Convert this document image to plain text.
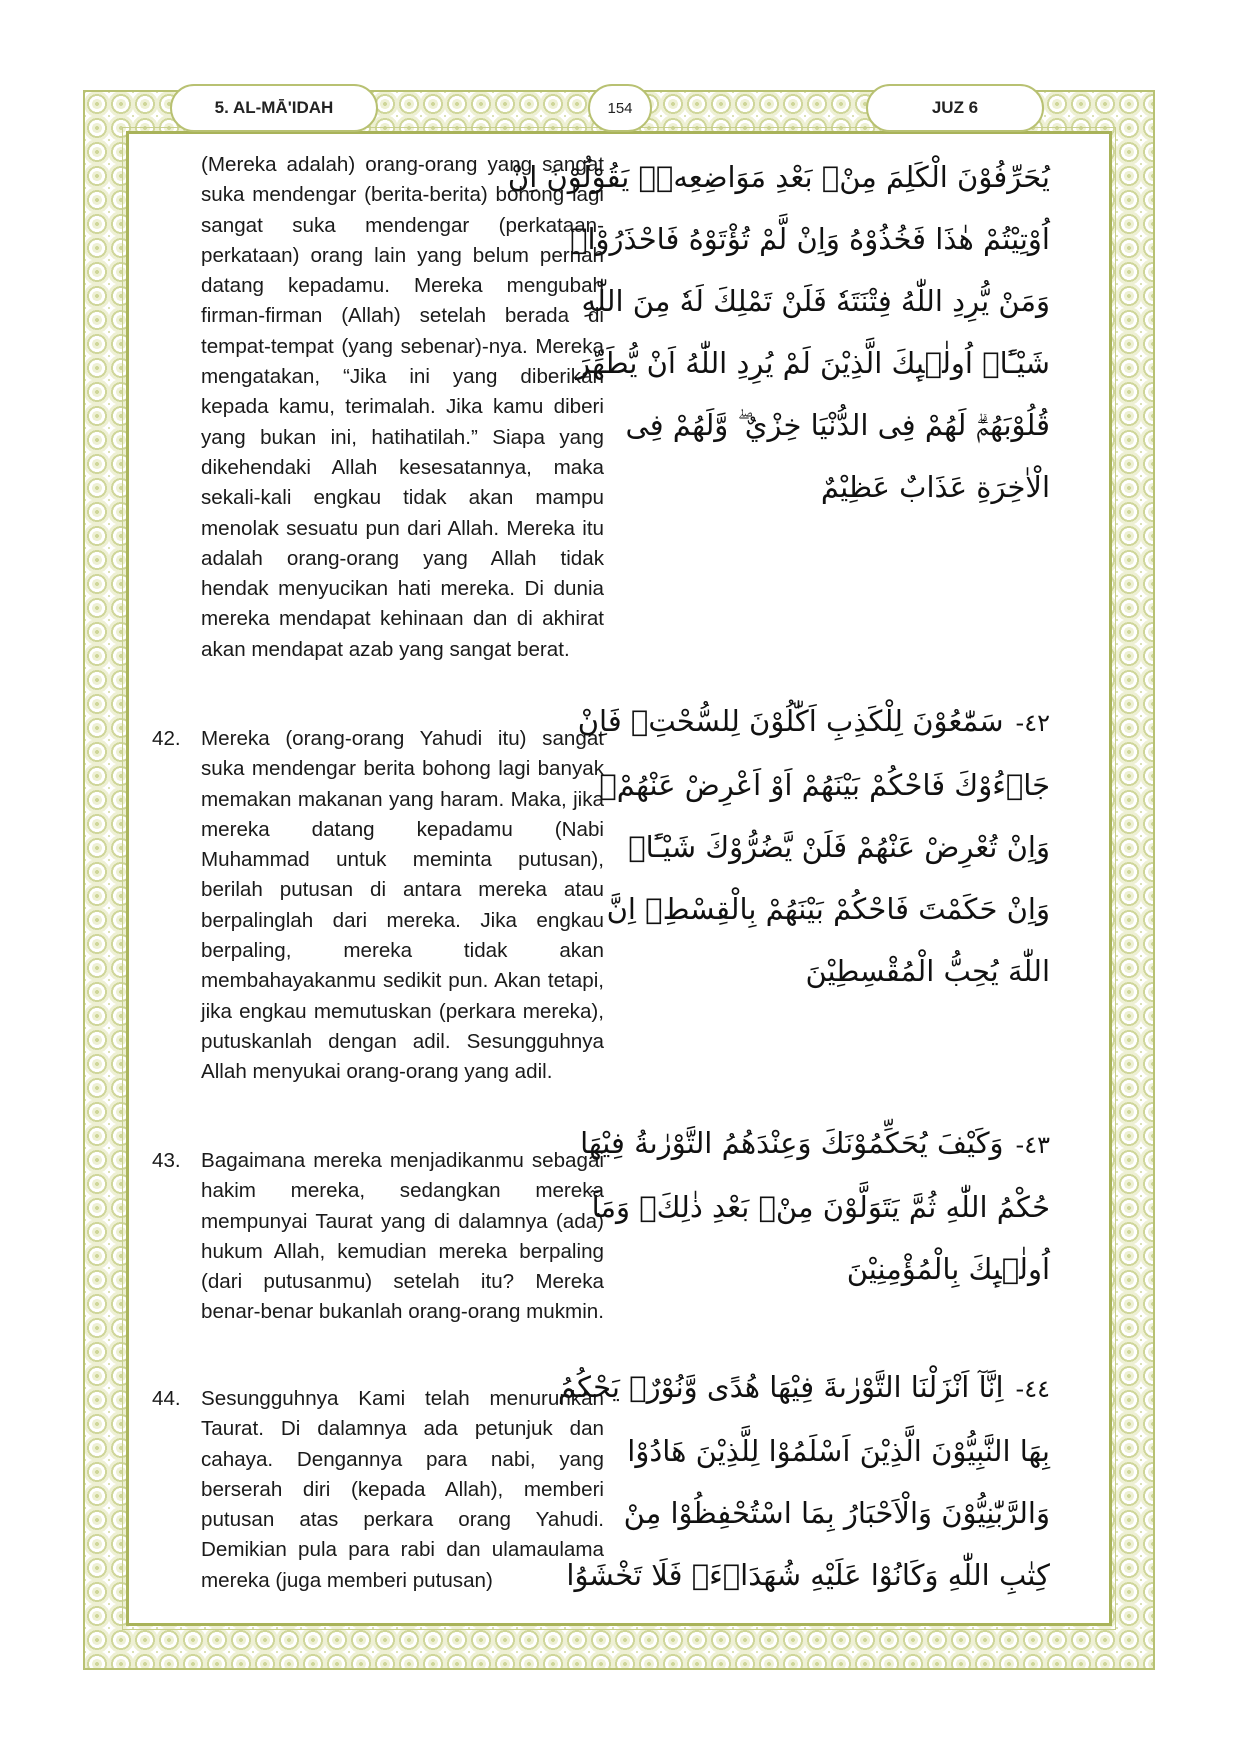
5. AL-MĀ'IDAH	154	JUZ 6
(Mereka adalah) orang-orang yang sangat suka mendengar (berita-berita) bohong lagi sangat suka mendengar (perkataan-perkataan) orang lain yang belum pernah datang kepadamu. Mereka mengubah firman-firman (Allah) setelah berada di tempat-tempat (yang sebenar)-nya. Mereka mengatakan, “Jika ini yang diberikan kepada kamu, terimalah. Jika kamu diberi yang bukan ini, hatihatilah.” Siapa yang dikehendaki Allah kesesatannya, maka sekali-kali engkau tidak akan mampu menolak sesuatu pun dari Allah. Mereka itu adalah orang-orang yang Allah tidak hendak menyucikan hati mereka. Di dunia mereka mendapat kehinaan dan di akhirat akan mendapat azab yang sangat berat.
يُحَرِّفُوْنَ الْكَلِمَ مِنْۢ بَعْدِ مَوَاضِعِهٖۚ يَقُوْلُوْنَ اِنْ
اُوْتِيْتُمْ هٰذَا فَخُذُوْهُ وَاِنْ لَّمْ تُؤْتَوْهُ فَاحْذَرُوْاۗ
وَمَنْ يُّرِدِ اللّٰهُ فِتْنَتَهٗ فَلَنْ تَمْلِكَ لَهٗ مِنَ اللّٰهِ
شَيْـًٔاۗ اُولٰۤىِٕكَ الَّذِيْنَ لَمْ يُرِدِ اللّٰهُ اَنْ يُّطَهِّرَ
قُلُوْبَهُمْۗ لَهُمْ فِى الدُّنْيَا خِزْيٌ ۖ وَّلَهُمْ فِى
الْاٰخِرَةِ عَذَابٌ عَظِيْمٌ
42. Mereka (orang-orang Yahudi itu) sangat suka mendengar berita bohong lagi banyak memakan makanan yang haram. Maka, jika mereka datang kepadamu (Nabi Muhammad untuk meminta putusan), berilah putusan di antara mereka atau berpalinglah dari mereka. Jika engkau berpaling, mereka tidak akan membahayakanmu sedikit pun. Akan tetapi, jika engkau memutuskan (perkara mereka), putuskanlah dengan adil. Sesungguhnya Allah menyukai orang-orang yang adil.
٤٢-سَمّٰعُوْنَ لِلْكَذِبِ اَكّٰلُوْنَ لِلسُّحْتِۗ فَاِنْ
جَاۤءُوْكَ فَاحْكُمْ بَيْنَهُمْ اَوْ اَعْرِضْ عَنْهُمْۚ
وَاِنْ تُعْرِضْ عَنْهُمْ فَلَنْ يَّضُرُّوْكَ شَيْـًٔاۗ
وَاِنْ حَكَمْتَ فَاحْكُمْ بَيْنَهُمْ بِالْقِسْطِۗ اِنَّ
اللّٰهَ يُحِبُّ الْمُقْسِطِيْنَ
43. Bagaimana mereka menjadikanmu sebagai hakim mereka, sedangkan mereka mempunyai Taurat yang di dalamnya (ada) hukum Allah, kemudian mereka berpaling (dari putusanmu) setelah itu? Mereka benar-benar bukanlah orang-orang mukmin.
٤٣-وَكَيْفَ يُحَكِّمُوْنَكَ وَعِنْدَهُمُ التَّوْرٰىةُ فِيْهَا
حُكْمُ اللّٰهِ ثُمَّ يَتَوَلَّوْنَ مِنْۢ بَعْدِ ذٰلِكَۗ وَمَآ
اُولٰۤىِٕكَ بِالْمُؤْمِنِيْنَ
44. Sesungguhnya Kami telah menurunkan Taurat. Di dalamnya ada petunjuk dan cahaya. Dengannya para nabi, yang berserah diri (kepada Allah), memberi putusan atas perkara orang Yahudi. Demikian pula para rabi dan ulamaulama mereka (juga memberi putusan)
٤٤-اِنَّآ اَنْزَلْنَا التَّوْرٰىةَ فِيْهَا هُدًى وَّنُوْرٌۚ يَحْكُمُ
بِهَا النَّبِيُّوْنَ الَّذِيْنَ اَسْلَمُوْا لِلَّذِيْنَ هَادُوْا
وَالرَّبّٰنِيُّوْنَ وَالْاَحْبَارُ بِمَا اسْتُحْفِظُوْا مِنْ
كِتٰبِ اللّٰهِ وَكَانُوْا عَلَيْهِ شُهَدَاۤءَۚ فَلَا تَخْشَوُا
